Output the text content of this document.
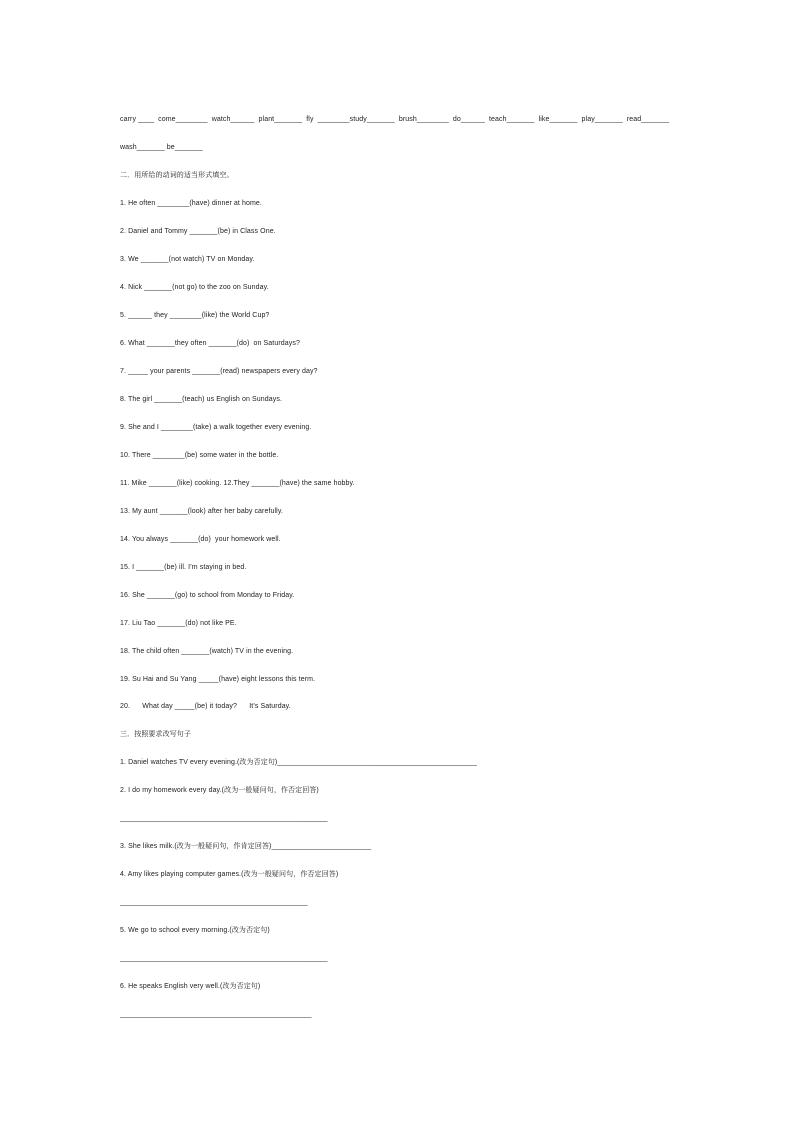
carry ____  come________  watch______  plant_______  fly  ________study_______  brush________  do______  teach_______  like_______  play_______  read_______

wash_______ be_______

二．用所给的动词的适当形式填空。

1. He often ________(have) dinner at home.

2. Daniel and Tommy _______(be) in Class One.

3. We _______(not watch) TV on Monday.

4. Nick _______(not go) to the zoo on Sunday.

5. ______ they ________(like) the World Cup?

6. What _______they often _______(do)  on Saturdays?

7. _____ your parents _______(read) newspapers every day?

8. The girl _______(teach) us English on Sundays.

9. She and I ________(take) a walk together every evening.

10. There ________(be) some water in the bottle.

11. Mike _______(like) cooking. 12.They _______(have) the same hobby.

13. My aunt _______(look) after her baby carefully.

14. You always _______(do)  your homework well.

15. I _______(be) ill. I’m staying in bed.

16. She _______(go) to school from Monday to Friday.

17. Liu Tao _______(do) not like PE.

18. The child often _______(watch) TV in the evening.

19. Su Hai and Su Yang _____(have) eight lessons this term.

20.      What day _____(be) it today?      It’s Saturday.

三．按照要求改写句子

1. Daniel watches TV every evening.(改为否定句)__________________________________________________

2. I do my homework every day.(改为一般疑问句，作否定回答)

____________________________________________________

3. She likes milk.(改为一般疑问句，作肯定回答)_________________________

4. Amy likes playing computer games.(改为一般疑问句，作否定回答)

_______________________________________________

5. We go to school every morning.(改为否定句)

____________________________________________________

6. He speaks English very well.(改为否定句)

________________________________________________
